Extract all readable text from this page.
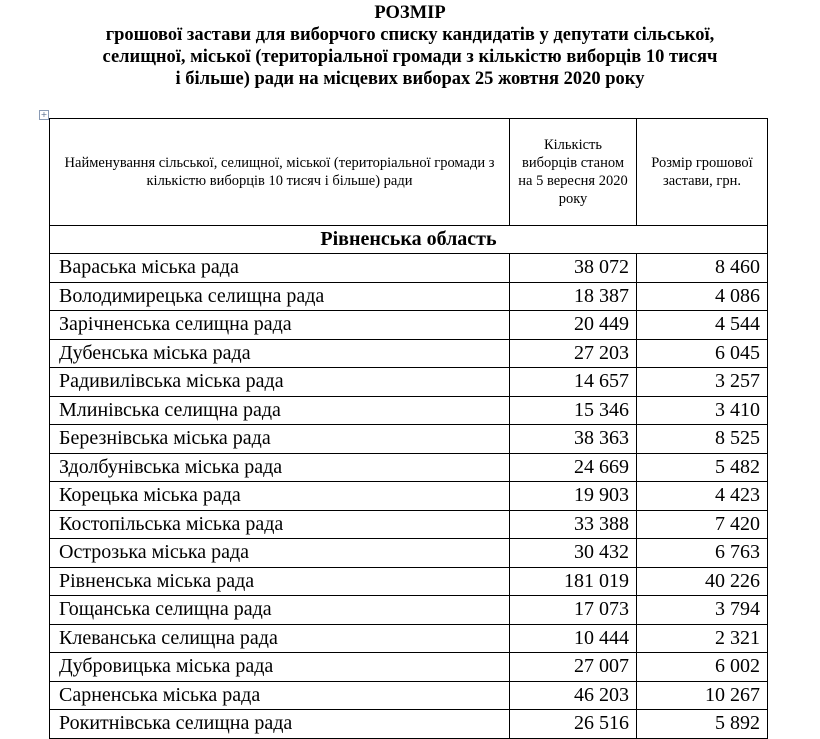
РОЗМІР
грошової застави для виборчого списку кандидатів у депутати сільської,
селищної, міської (територіальної громади з кількістю виборців 10 тисяч
і більше) ради на місцевих виборах 25 жовтня 2020 року
+
Найменування сільської, селищної, міської (територіальної громади з кількістю виборців 10 тисяч і більше) ради	Кількість виборців станом на 5 вересня 2020 року	Розмір грошової застави, грн.
Рівненська область		
Вараська міська рада	38 072	8 460
Володимирецька селищна рада	18 387	4 086
Зарічненська селищна рада	20 449	4 544
Дубенська міська рада	27 203	6 045
Радивилівська міська рада	14 657	3 257
Млинівська селищна рада	15 346	3 410
Березнівська міська рада	38 363	8 525
Здолбунівська міська рада	24 669	5 482
Корецька міська рада	19 903	4 423
Костопільська міська рада	33 388	7 420
Острозька міська рада	30 432	6 763
Рівненська міська рада	181 019	40 226
Гощанська селищна рада	17 073	3 794
Клеванська селищна рада	10 444	2 321
Дубровицька міська рада	27 007	6 002
Сарненська міська рада	46 203	10 267
Рокитнівська селищна рада	26 516	5 892
